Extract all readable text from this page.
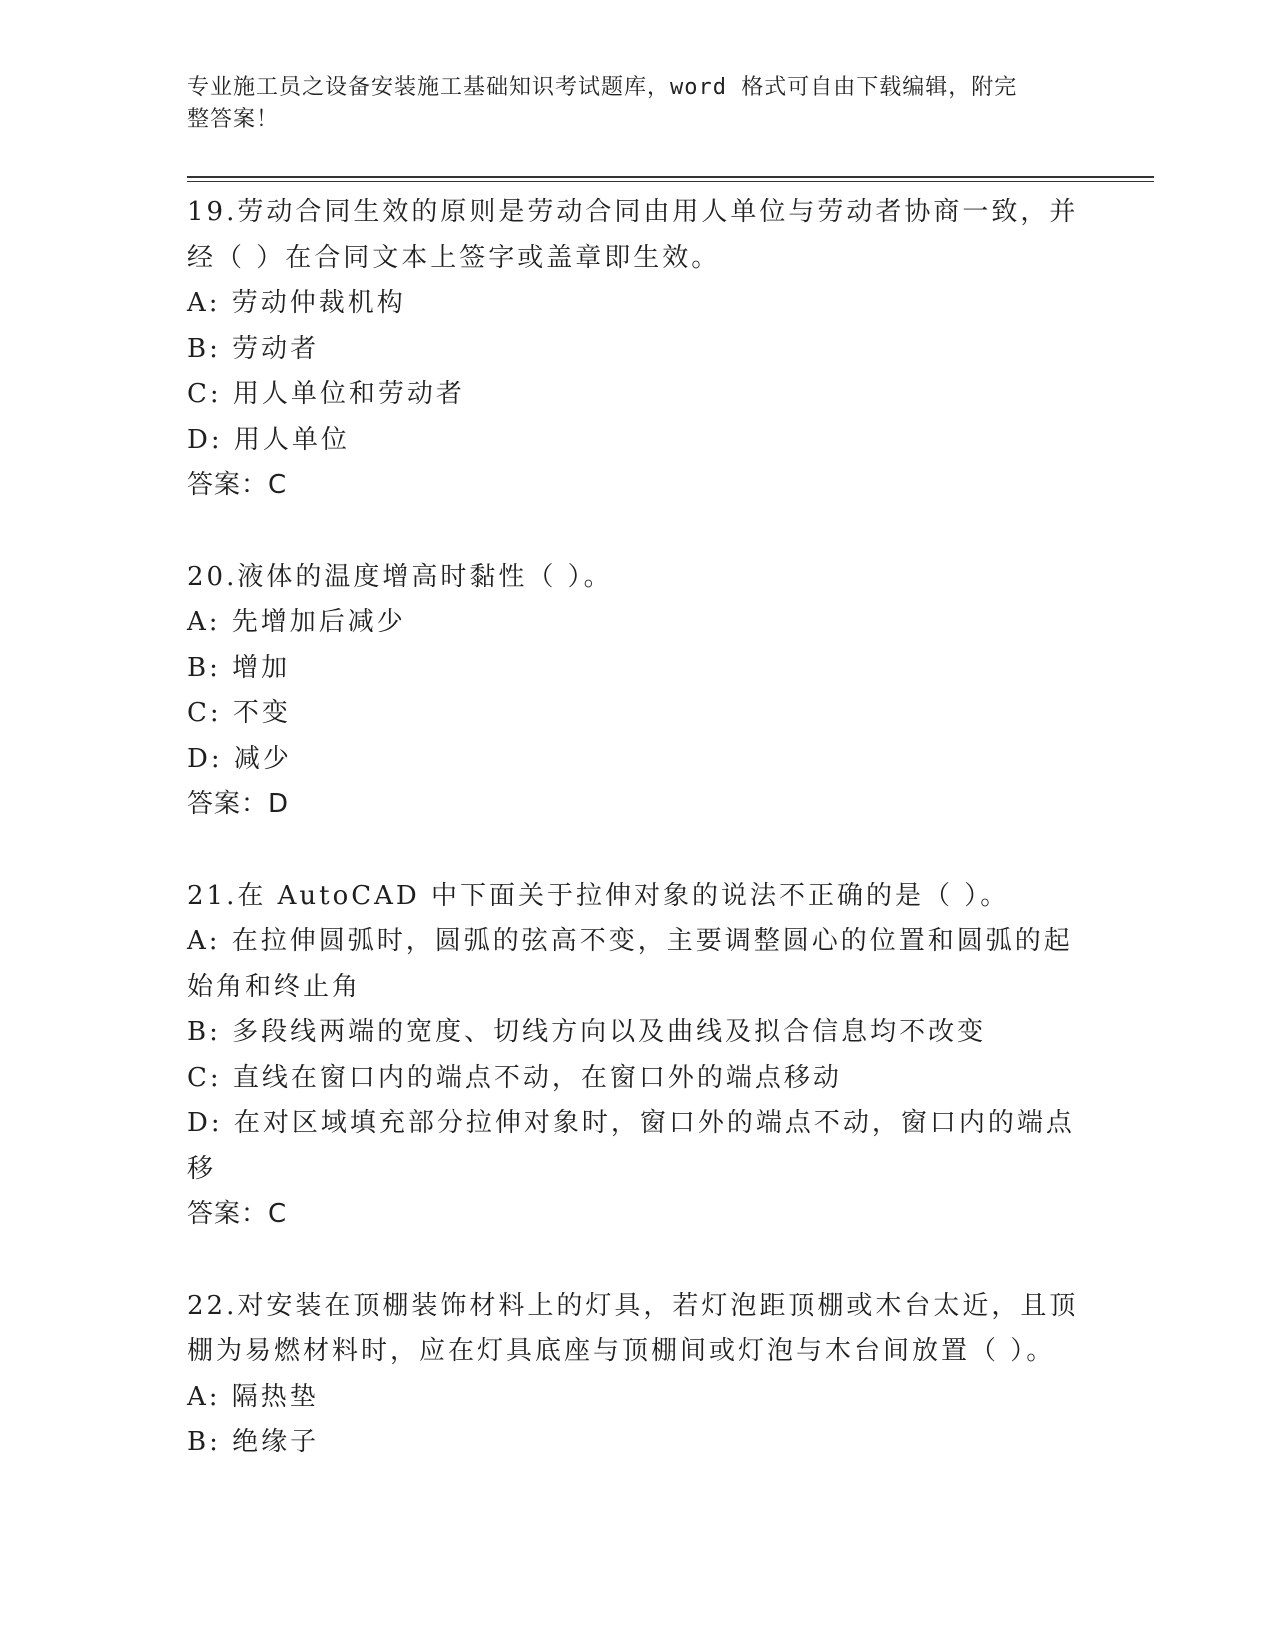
专业施工员之设备安装施工基础知识考试题库，word 格式可自由下载编辑，附完
整答案！
19.劳动合同生效的原则是劳动合同由用人单位与劳动者协商一致，并
经（ ）在合同文本上签字或盖章即生效。
A: 劳动仲裁机构
B: 劳动者
C: 用人单位和劳动者
D: 用人单位
答案：C
20.液体的温度增高时黏性（ ）。
A: 先增加后减少
B: 增加
C: 不变
D: 减少
答案：D
21.在 AutoCAD 中下面关于拉伸对象的说法不正确的是（ ）。
A: 在拉伸圆弧时，圆弧的弦高不变，主要调整圆心的位置和圆弧的起
始角和终止角
B: 多段线两端的宽度、切线方向以及曲线及拟合信息均不改变
C: 直线在窗口内的端点不动，在窗口外的端点移动
D: 在对区域填充部分拉伸对象时，窗口外的端点不动，窗口内的端点
移
答案：C
22.对安装在顶棚装饰材料上的灯具，若灯泡距顶棚或木台太近，且顶
棚为易燃材料时，应在灯具底座与顶棚间或灯泡与木台间放置（ ）。
A: 隔热垫
B: 绝缘子
